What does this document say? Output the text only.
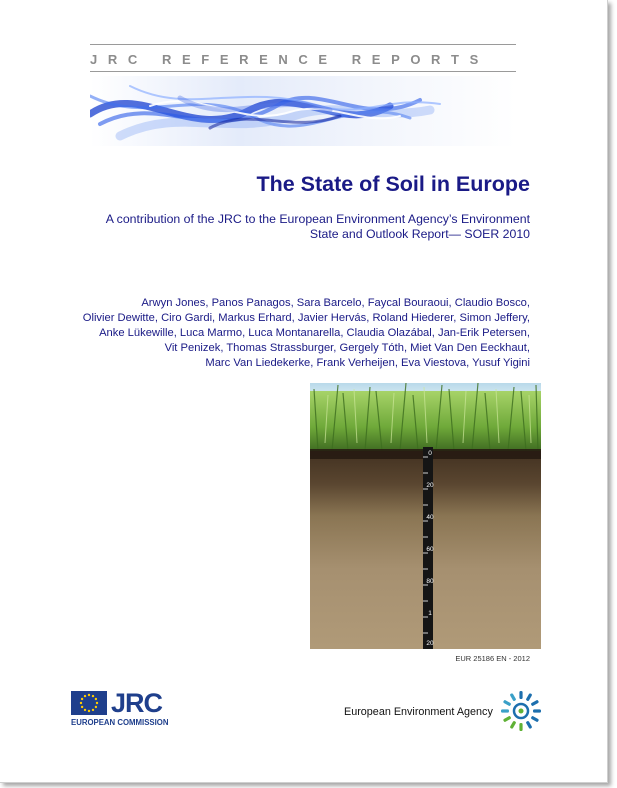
JRC REFERENCE REPORTS
The State of Soil in Europe
A contribution of the JRC to the European Environment Agency’s Environment
State and Outlook Report— SOER 2010
Arwyn Jones, Panos Panagos, Sara Barcelo, Faycal Bouraoui, Claudio Bosco,
Olivier Dewitte, Ciro Gardi, Markus Erhard, Javier Hervás, Roland Hiederer, Simon Jeffery,
Anke Lükewille, Luca Marmo, Luca Montanarella, Claudia Olazábal, Jan-Erik Petersen,
Vit Penizek, Thomas Strassburger, Gergely Tóth, Miet Van Den Eeckhaut,
Marc Van Liedekerke, Frank Verheijen, Eva Viestova, Yusuf Yigini
0
20
40
60
80
1
20
EUR 25186 EN - 2012
JRC
EUROPEAN COMMISSION
European Environment Agency
